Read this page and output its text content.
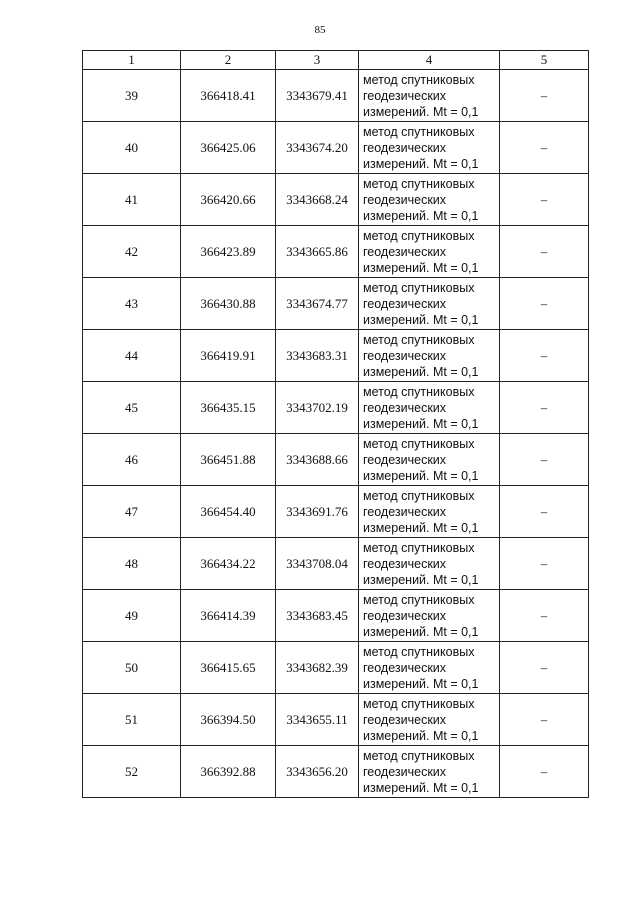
85
1	2	3	4	5
39	366418.41	3343679.41	метод спутниковых
геодезических
измерений. Mt = 0,1	–
40	366425.06	3343674.20	метод спутниковых
геодезических
измерений. Mt = 0,1	–
41	366420.66	3343668.24	метод спутниковых
геодезических
измерений. Mt = 0,1	–
42	366423.89	3343665.86	метод спутниковых
геодезических
измерений. Mt = 0,1	–
43	366430.88	3343674.77	метод спутниковых
геодезических
измерений. Mt = 0,1	–
44	366419.91	3343683.31	метод спутниковых
геодезических
измерений. Mt = 0,1	–
45	366435.15	3343702.19	метод спутниковых
геодезических
измерений. Mt = 0,1	–
46	366451.88	3343688.66	метод спутниковых
геодезических
измерений. Mt = 0,1	–
47	366454.40	3343691.76	метод спутниковых
геодезических
измерений. Mt = 0,1	–
48	366434.22	3343708.04	метод спутниковых
геодезических
измерений. Mt = 0,1	–
49	366414.39	3343683.45	метод спутниковых
геодезических
измерений. Mt = 0,1	–
50	366415.65	3343682.39	метод спутниковых
геодезических
измерений. Mt = 0,1	–
51	366394.50	3343655.11	метод спутниковых
геодезических
измерений. Mt = 0,1	–
52	366392.88	3343656.20	метод спутниковых
геодезических
измерений. Mt = 0,1	–
